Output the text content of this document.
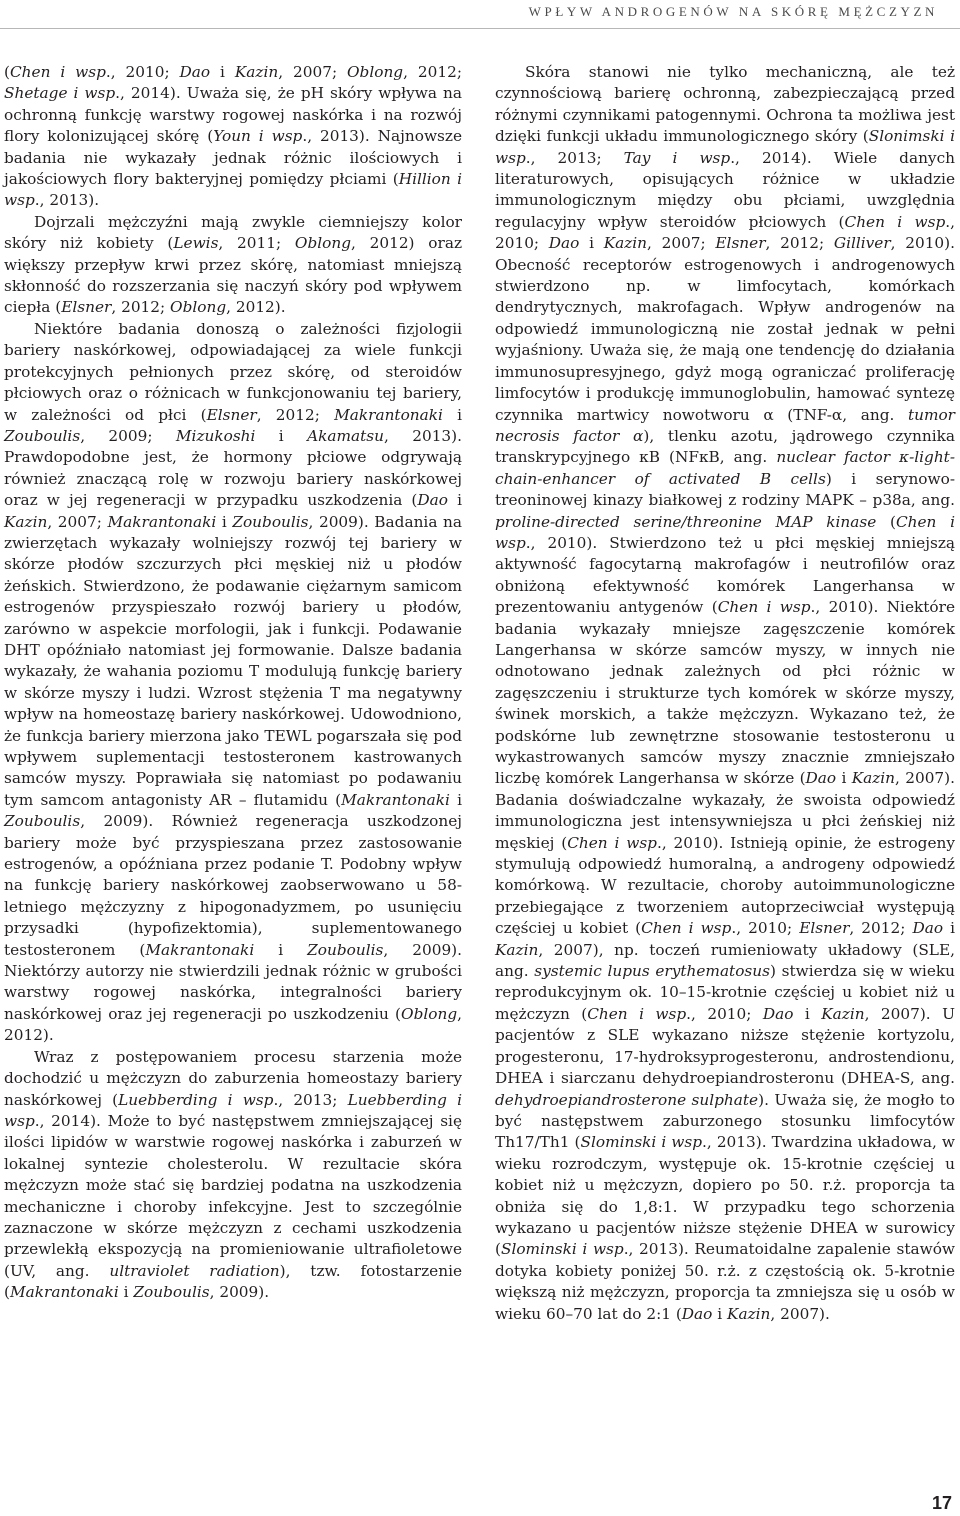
WPŁYW ANDROGENÓW NA SKÓRĘ MĘŻCZYZN

(Chen i wsp., 2010; Dao i Kazin, 2007; Oblong, 2012; Shetage i wsp., 2014). Uważa się, że pH skóry wpływa na ochronną funkcję warstwy rogowej naskórka i na rozwój flory kolonizującej skórę (Youn i wsp., 2013). Najnowsze badania nie wykazały jednak różnic ilościowych i jakościowych flory bakteryjnej pomiędzy płciami (Hillion i wsp., 2013).

Dojrzali mężczyźni mają zwykle ciemniejszy kolor skóry niż kobiety (Lewis, 2011; Oblong, 2012) oraz większy przepływ krwi przez skórę, natomiast mniejszą skłonność do rozszerzania się naczyń skóry pod wpływem ciepła (Elsner, 2012; Oblong, 2012).

Niektóre badania donoszą o zależności fizjologii bariery naskórkowej, odpowiadającej za wiele funkcji protekcyjnych pełnionych przez skórę, od steroidów płciowych oraz o różnicach w funkcjonowaniu tej bariery, w zależności od płci (Elsner, 2012; Makrantonaki i Zouboulis, 2009; Mizukoshi i Akamatsu, 2013). Prawdopodobne jest, że hormony płciowe odgrywają również znaczącą rolę w rozwoju bariery naskórkowej oraz w jej regeneracji w przypadku uszkodzenia (Dao i Kazin, 2007; Makrantonaki i Zouboulis, 2009). Badania na zwierzętach wykazały wolniejszy rozwój tej bariery w skórze płodów szczurzych płci męskiej niż u płodów żeńskich. Stwierdzono, że podawanie ciężarnym samicom estrogenów przyspieszało rozwój bariery u płodów, zarówno w aspekcie morfologii, jak i funkcji. Podawanie DHT opóźniało natomiast jej formowanie. Dalsze badania wykazały, że wahania poziomu T modulują funkcję bariery w skórze myszy i ludzi. Wzrost stężenia T ma negatywny wpływ na homeostazę bariery naskórkowej. Udowodniono, że funkcja bariery mierzona jako TEWL pogarszała się pod wpływem suplementacji testosteronem kastrowanych samców myszy. Poprawiała się natomiast po podawaniu tym samcom antagonisty AR – flutamidu (Makrantonaki i Zouboulis, 2009). Również regeneracja uszkodzonej bariery może być przyspieszana przez zastosowanie estrogenów, a opóźniana przez podanie T. Podobny wpływ na funkcję bariery naskórkowej zaobserwowano u 58-letniego mężczyzny z hipogonadyzmem, po usunięciu przysadki (hypofizektomia), suplementowanego testosteronem (Makrantonaki i Zouboulis, 2009). Niektórzy autorzy nie stwierdzili jednak różnic w grubości warstwy rogowej naskórka, integralności bariery naskórkowej oraz jej regeneracji po uszkodzeniu (Oblong, 2012).

Wraz z postępowaniem procesu starzenia może dochodzić u mężczyzn do zaburzenia homeostazy bariery naskórkowej (Luebberding i wsp., 2013; Luebberding i wsp., 2014). Może to być następstwem zmniejszającej się ilości lipidów w warstwie rogowej naskórka i zaburzeń w lokalnej syntezie cholesterolu. W rezultacie skóra mężczyzn może stać się bardziej podatna na uszkodzenia mechaniczne i choroby infekcyjne. Jest to szczególnie zaznaczone w skórze mężczyzn z cechami uszkodzenia przewlekłą ekspozycją na promieniowanie ultrafioletowe (UV, ang. ultraviolet radiation), tzw. fotostarzenie (Makrantonaki i Zouboulis, 2009).

Skóra stanowi nie tylko mechaniczną, ale też czynnościową barierę ochronną, zabezpieczającą przed różnymi czynnikami patogennymi. Ochrona ta możliwa jest dzięki funkcji układu immunologicznego skóry (Slonimski i wsp., 2013; Tay i wsp., 2014). Wiele danych literaturowych, opisujących różnice w układzie immunologicznym między obu płciami, uwzględnia regulacyjny wpływ steroidów płciowych (Chen i wsp., 2010; Dao i Kazin, 2007; Elsner, 2012; Gilliver, 2010). Obecność receptorów estrogenowych i androgenowych stwierdzono np. w limfocytach, komórkach dendrytycznych, makrofagach. Wpływ androgenów na odpowiedź immunologiczną nie został jednak w pełni wyjaśniony. Uważa się, że mają one tendencję do działania immunosupresyjnego, gdyż mogą ograniczać proliferację limfocytów i produkcję immunoglobulin, hamować syntezę czynnika martwicy nowotworu α (TNF-α, ang. tumor necrosis factor α), tlenku azotu, jądrowego czynnika transkrypcyjnego κB (NFκB, ang. nuclear factor κ-light-chain-enhancer of activated B cells) i serynowo-treoninowej kinazy białkowej z rodziny MAPK – p38a, ang. proline-directed serine/threonine MAP kinase (Chen i wsp., 2010). Stwierdzono też u płci męskiej mniejszą aktywność fagocytarną makrofagów i neutrofilów oraz obniżoną efektywność komórek Langerhansa w prezentowaniu antygenów (Chen i wsp., 2010). Niektóre badania wykazały mniejsze zagęszczenie komórek Langerhansa w skórze samców myszy, w innych nie odnotowano jednak zależnych od płci różnic w zagęszczeniu i strukturze tych komórek w skórze myszy, świnek morskich, a także mężczyzn. Wykazano też, że podskórne lub zewnętrzne stosowanie testosteronu u wykastrowanych samców myszy znacznie zmniejszało liczbę komórek Langerhansa w skórze (Dao i Kazin, 2007). Badania doświadczalne wykazały, że swoista odpowiedź immunologiczna jest intensywniejsza u płci żeńskiej niż męskiej (Chen i wsp., 2010). Istnieją opinie, że estrogeny stymulują odpowiedź humoralną, a androgeny odpowiedź komórkową. W rezultacie, choroby autoimmunologiczne przebiegające z tworzeniem autoprzeciwciał występują częściej u kobiet (Chen i wsp., 2010; Elsner, 2012; Dao i Kazin, 2007), np. toczeń rumieniowaty układowy (SLE, ang. systemic lupus erythematosus) stwierdza się w wieku reprodukcyjnym ok. 10–15-krotnie częściej u kobiet niż u mężczyzn (Chen i wsp., 2010; Dao i Kazin, 2007). U pacjentów z SLE wykazano niższe stężenie kortyzolu, progesteronu, 17-hydroksyprogesteronu, androstendionu, DHEA i siarczanu dehydroepiandrosteronu (DHEA-S, ang. dehydroepiandrosterone sulphate). Uważa się, że mogło to być następstwem zaburzonego stosunku limfocytów Th17/Th1 (Slominski i wsp., 2013). Twardzina układowa, w wieku rozrodczym, występuje ok. 15-krotnie częściej u kobiet niż u mężczyzn, dopiero po 50. r.ż. proporcja ta obniża się do 1,8:1. W przypadku tego schorzenia wykazano u pacjentów niższe stężenie DHEA w surowicy (Slominski i wsp., 2013). Reumatoidalne zapalenie stawów dotyka kobiety poniżej 50. r.ż. z częstością ok. 5-krotnie większą niż mężczyzn, proporcja ta zmniejsza się u osób w wieku 60–70 lat do 2:1 (Dao i Kazin, 2007).

17
